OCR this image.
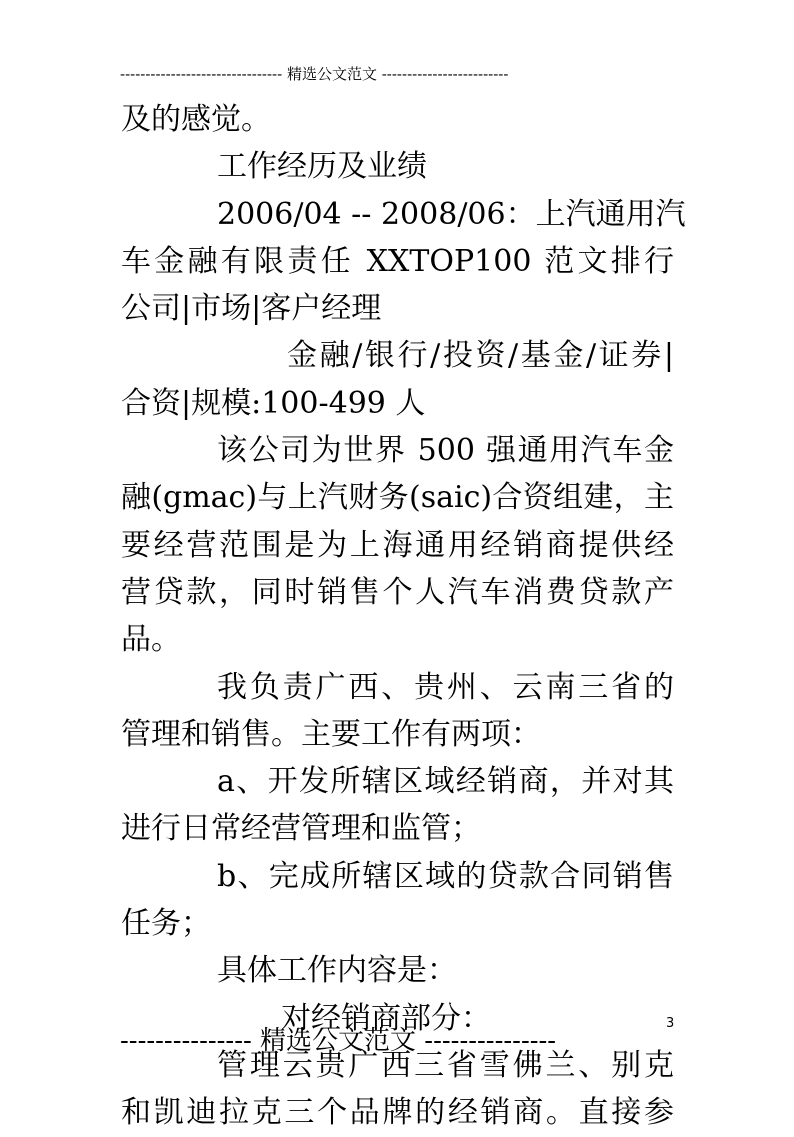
-------------------------------- 精选公文范文 -------------------------
及的感觉。
工作经历及业绩
2006/04 -- 2008/06：上汽通用汽
车金融有限责任 XXTOP100 范文排行
公司|市场|客户经理
金融/银行/投资/基金/证券|
合资|规模:100-499 人
该公司为世界 500 强通用汽车金
融(gmac)与上汽财务(saic)合资组建，主
要经营范围是为上海通用经销商提供经
营贷款，同时销售个人汽车消费贷款产
品。
我负责广西、贵州、云南三省的
管理和销售。主要工作有两项：
a、开发所辖区域经销商，并对其
进行日常经营管理和监管；
b、完成所辖区域的贷款合同销售
任务；
具体工作内容是：
对经销商部分：
管理云贵广西三省雪佛兰、别克
和凯迪拉克三个品牌的经销商。直接参
3
--------------- 精选公文范文 ---------------
